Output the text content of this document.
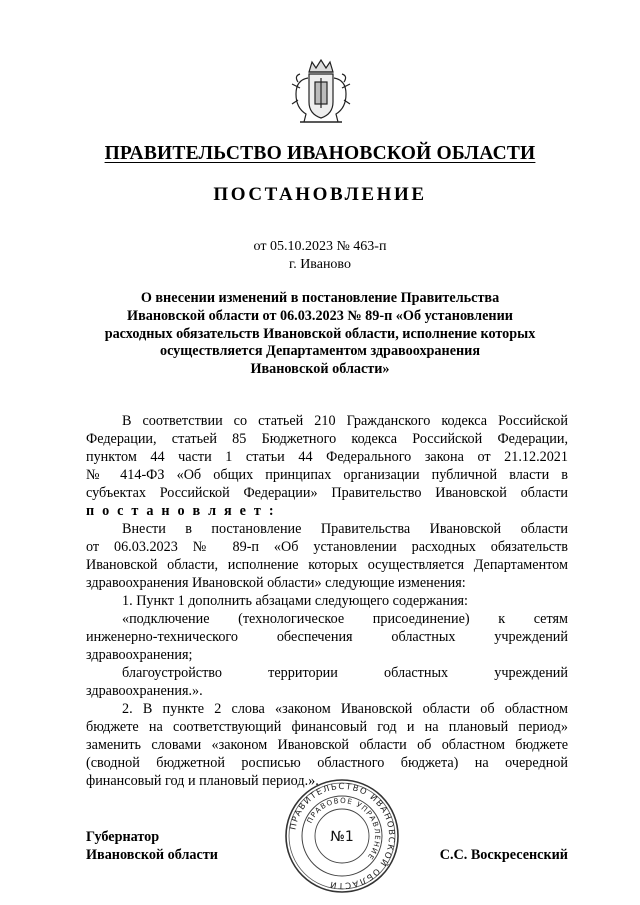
ПРАВИТЕЛЬСТВО ИВАНОВСКОЙ ОБЛАСТИ
ПОСТАНОВЛЕНИЕ
от 05.10.2023 № 463-п
г. Иваново
О внесении изменений в постановление Правительства
Ивановской области от 06.03.2023 № 89-п «Об установлении
расходных обязательств Ивановской области, исполнение которых
осуществляется Департаментом здравоохранения
Ивановской области»
В соответствии со статьей 210 Гражданского кодекса Российской
Федерации, статьей 85 Бюджетного кодекса Российской Федерации,
пунктом 44 части 1 статьи 44 Федерального закона от 21.12.2021
№ 414-ФЗ «Об общих принципах организации публичной власти в
субъектах Российской Федерации» Правительство Ивановской области
п о с т а н о в л я е т :
Внести в постановление Правительства Ивановской области
от 06.03.2023 № 89-п «Об установлении расходных обязательств
Ивановской области, исполнение которых осуществляется Департаментом
здравоохранения Ивановской области» следующие изменения:
1. Пункт 1 дополнить абзацами следующего содержания:
«подключение (технологическое присоединение) к сетям
инженерно-технического обеспечения областных учреждений
здравоохранения;
благоустройство территории областных учреждений
здравоохранения.».
2. В пункте 2 слова «законом Ивановской области об областном
бюджете на соответствующий финансовый год и на плановый период»
заменить словами «законом Ивановской области об областном бюджете
(сводной бюджетной росписью областного бюджета) на очередной
финансовый год и плановый период.».
ПРАВИТЕЛЬСТВО ИВАНОВСКОЙ ОБЛАСТИ
ПРАВОВОЕ УПРАВЛЕНИЕ
№1
Губернатор
Ивановской области	С.С. Воскресенский
